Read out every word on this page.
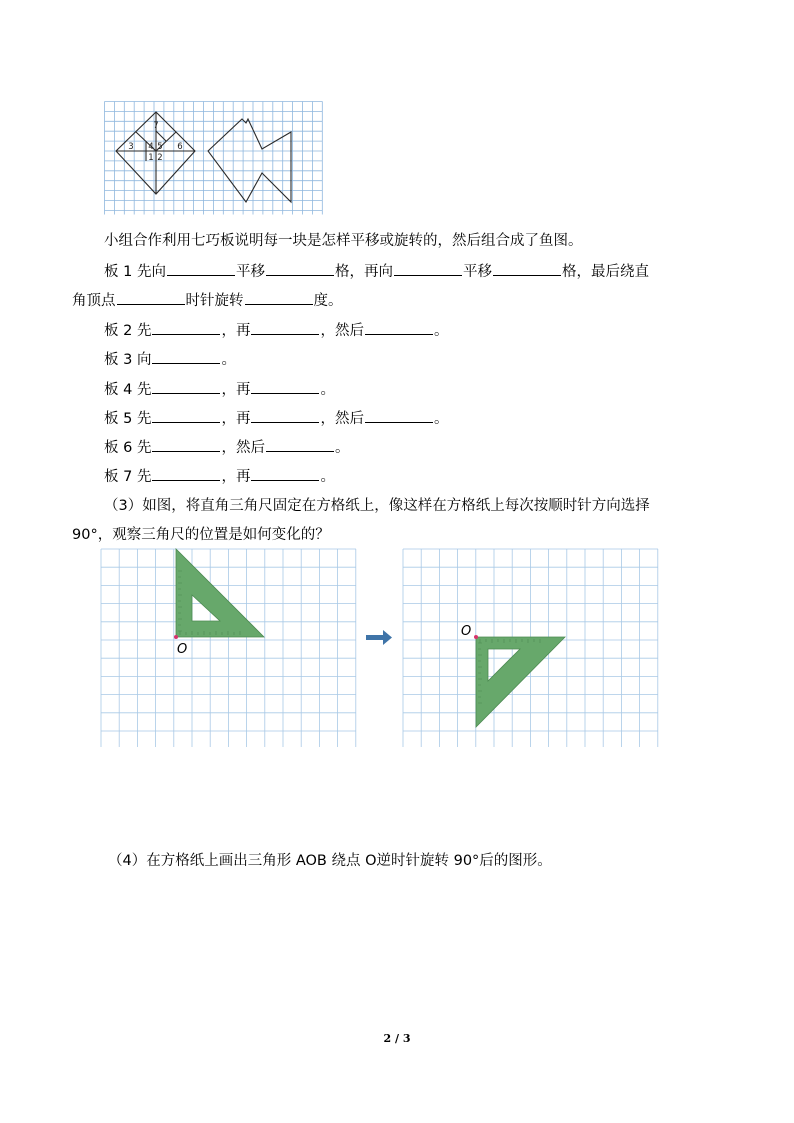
7
3 4 5 6
1 2
小组合作利用七巧板说明每一块是怎样平移或旋转的，然后组合成了鱼图。
板 1 先向	平移	格，再向	平移	格，最后绕直
角顶点	时针旋转	度。
板 2 先	，再	，然后	。
板 3 向	。
板 4 先	，再	。
板 5 先	，再	，然后	。
板 6 先	，然后	。
板 7 先	，再	。
（3）如图，将直角三角尺固定在方格纸上，像这样在方格纸上每次按顺时针方向选择
90°，观察三角尺的位置是如何变化的？
O
O
（4）在方格纸上画出三角形 AOB 绕点 O逆时针旋转 90°后的图形。
2 / 3
